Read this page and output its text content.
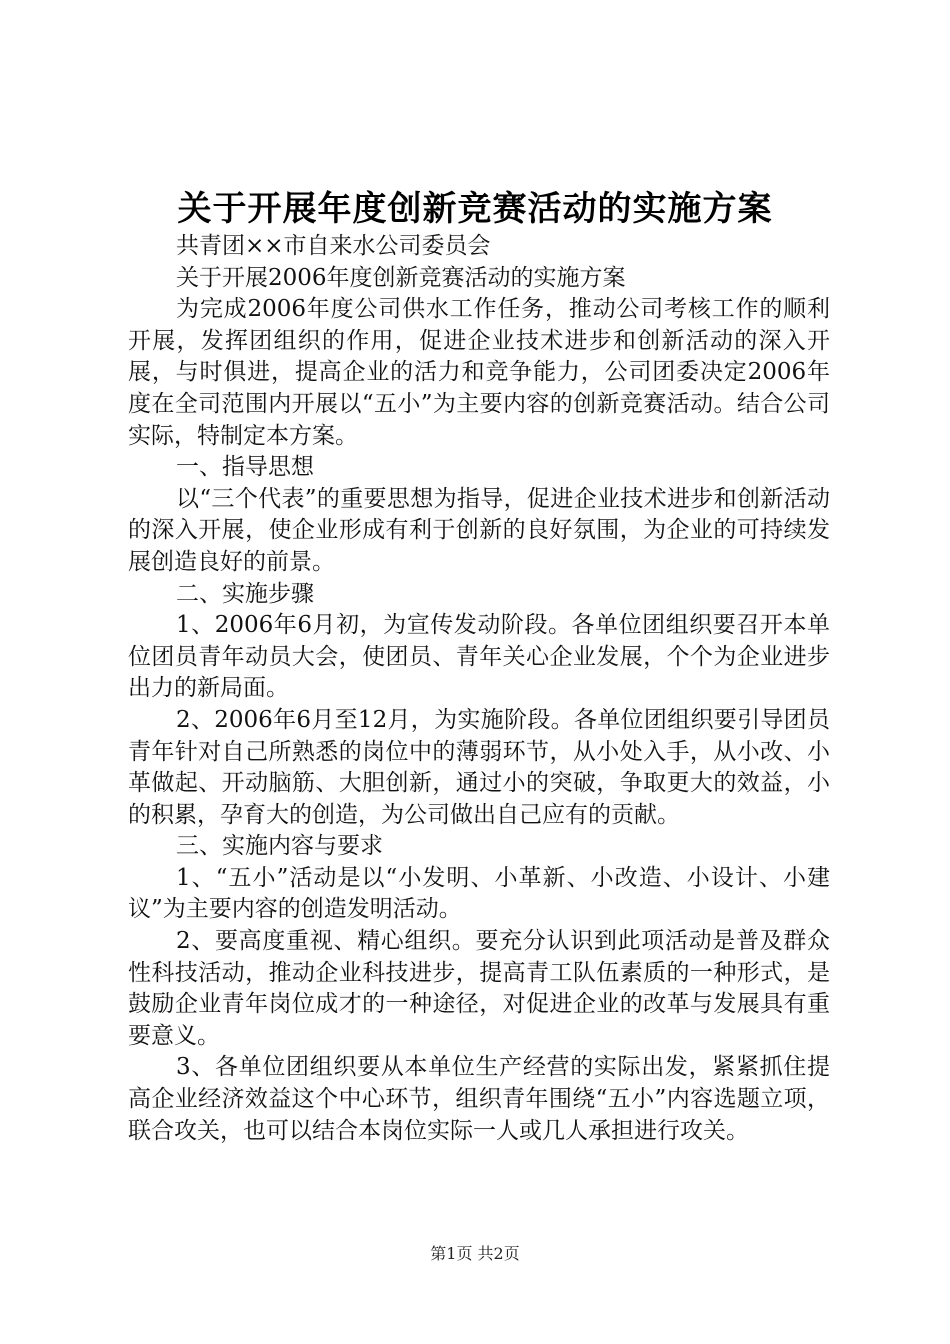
关于开展年度创新竞赛活动的实施方案

共青团××市自来水公司委员会

关于开展2006年度创新竞赛活动的实施方案

为完成2006年度公司供水工作任务，推动公司考核工作的顺利开展，发挥团组织的作用，促进企业技术进步和创新活动的深入开展，与时俱进，提高企业的活力和竞争能力，公司团委决定2006年度在全司范围内开展以“五小”为主要内容的创新竞赛活动。结合公司实际，特制定本方案。

一、指导思想

以“三个代表”的重要思想为指导，促进企业技术进步和创新活动的深入开展，使企业形成有利于创新的良好氛围，为企业的可持续发展创造良好的前景。

二、实施步骤

1、2006年6月初，为宣传发动阶段。各单位团组织要召开本单位团员青年动员大会，使团员、青年关心企业发展，个个为企业进步出力的新局面。

2、2006年6月至12月，为实施阶段。各单位团组织要引导团员青年针对自己所熟悉的岗位中的薄弱环节，从小处入手，从小改、小革做起、开动脑筋、大胆创新，通过小的突破，争取更大的效益，小的积累，孕育大的创造，为公司做出自己应有的贡献。

三、实施内容与要求

1、“五小”活动是以“小发明、小革新、小改造、小设计、小建议”为主要内容的创造发明活动。

2、要高度重视、精心组织。要充分认识到此项活动是普及群众性科技活动，推动企业科技进步，提高青工队伍素质的一种形式，是鼓励企业青年岗位成才的一种途径，对促进企业的改革与发展具有重要意义。

3、各单位团组织要从本单位生产经营的实际出发，紧紧抓住提高企业经济效益这个中心环节，组织青年围绕“五小”内容选题立项，联合攻关，也可以结合本岗位实际一人或几人承担进行攻关。

第1页 共2页
